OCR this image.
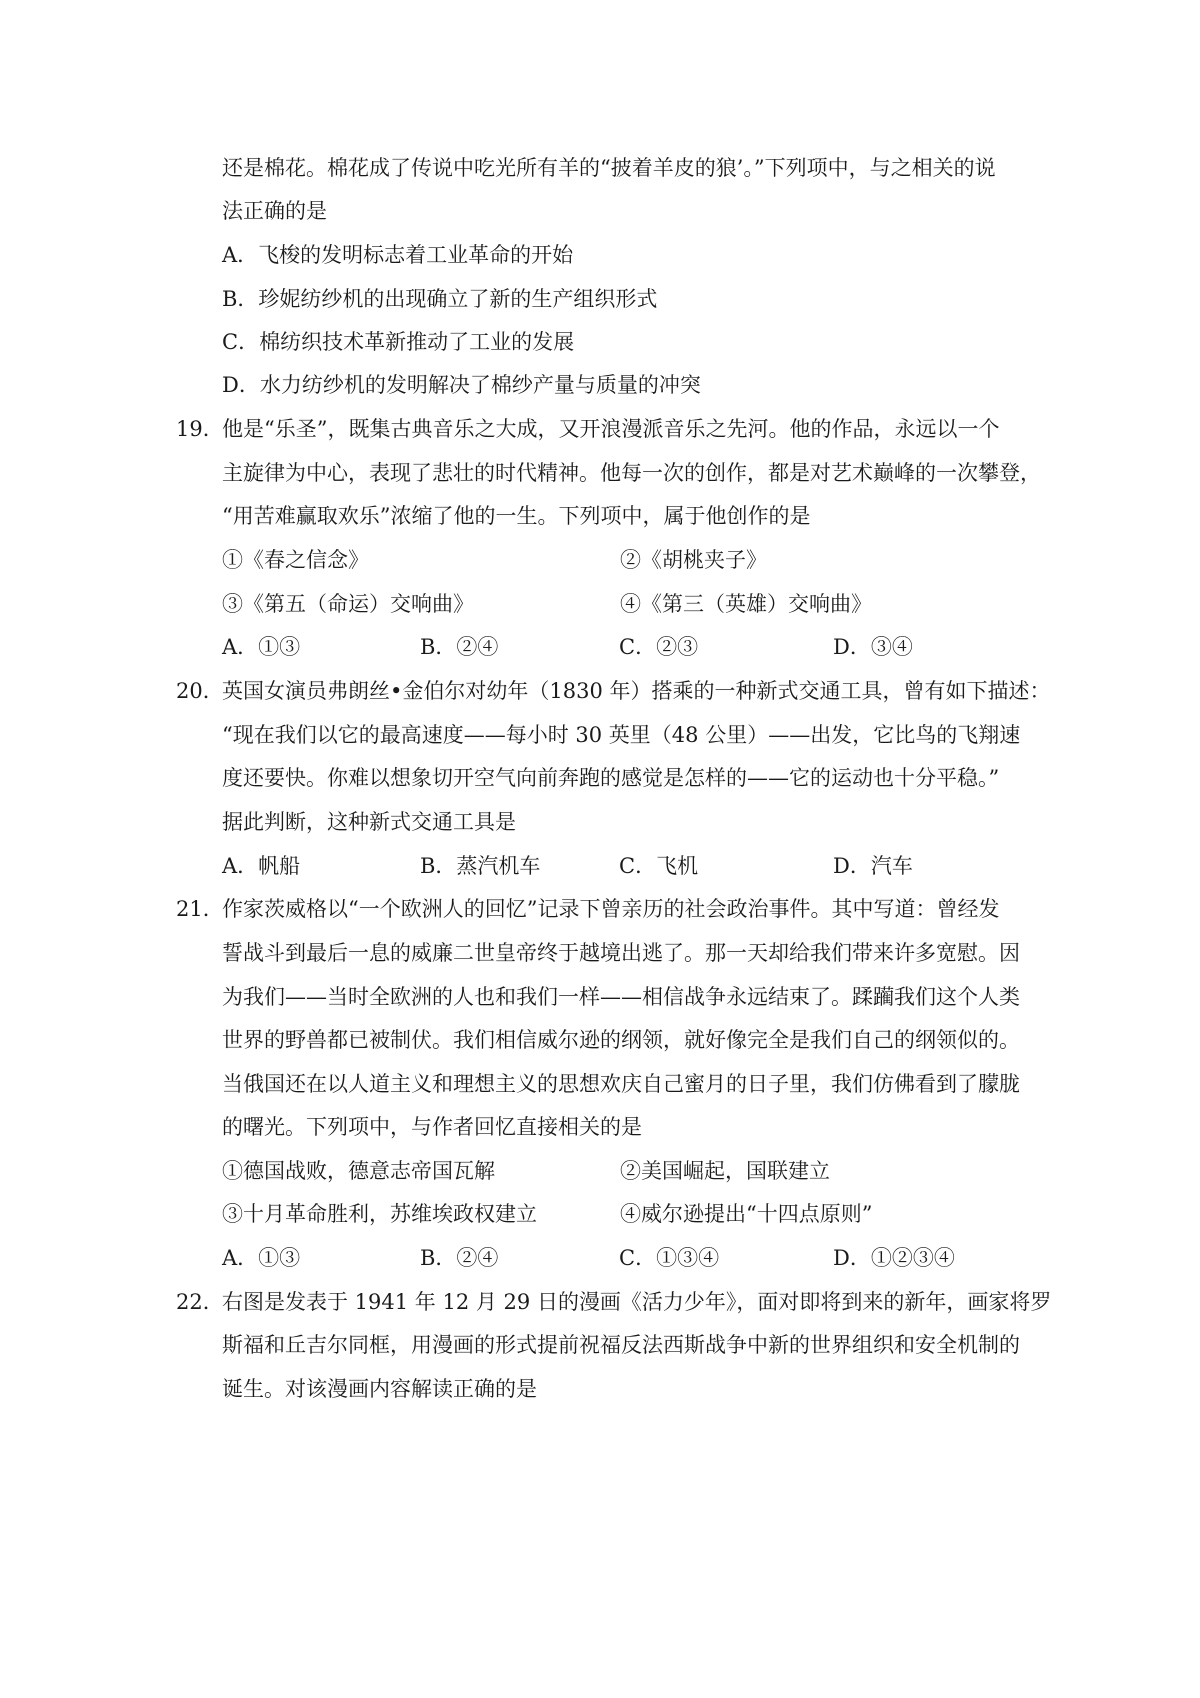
还是棉花。棉花成了传说中吃光所有羊的“披着羊皮的狼’。”下列项中，与之相关的说
法正确的是
A．飞梭的发明标志着工业革命的开始
B．珍妮纺纱机的出现确立了新的生产组织形式
C．棉纺织技术革新推动了工业的发展
D．水力纺纱机的发明解决了棉纱产量与质量的冲突
19．
他是“乐圣”，既集古典音乐之大成，又开浪漫派音乐之先河。他的作品，永远以一个
主旋律为中心，表现了悲壮的时代精神。他每一次的创作，都是对艺术巅峰的一次攀登，
“用苦难赢取欢乐”浓缩了他的一生。下列项中，属于他创作的是
①《春之信念》	②《胡桃夹子》
③《第五（命运）交响曲》	④《第三（英雄）交响曲》
A．①③	B．②④	C．②③	D．③④
20．
英国女演员弗朗丝•金伯尔对幼年（1830 年）搭乘的一种新式交通工具，曾有如下描述：
“现在我们以它的最高速度——每小时 30 英里（48 公里）——出发，它比鸟的飞翔速
度还要快。你难以想象切开空气向前奔跑的感觉是怎样的——它的运动也十分平稳。”
据此判断，这种新式交通工具是
A．帆船	B．蒸汽机车	C．飞机	D．汽车
21．
作家茨威格以“一个欧洲人的回忆”记录下曾亲历的社会政治事件。其中写道：曾经发
誓战斗到最后一息的威廉二世皇帝终于越境出逃了。那一天却给我们带来许多宽慰。因
为我们——当时全欧洲的人也和我们一样——相信战争永远结束了。蹂躏我们这个人类
世界的野兽都已被制伏。我们相信威尔逊的纲领，就好像完全是我们自己的纲领似的。
当俄国还在以人道主义和理想主义的思想欢庆自己蜜月的日子里，我们仿佛看到了朦胧
的曙光。下列项中，与作者回忆直接相关的是
①德国战败，德意志帝国瓦解	②美国崛起，国联建立
③十月革命胜利，苏维埃政权建立	④威尔逊提出“十四点原则”
A．①③	B．②④	C．①③④	D．①②③④
22．
右图是发表于 1941 年 12 月 29 日的漫画《活力少年》，面对即将到来的新年，画家将罗
斯福和丘吉尔同框，用漫画的形式提前祝福反法西斯战争中新的世界组织和安全机制的
诞生。对该漫画内容解读正确的是
